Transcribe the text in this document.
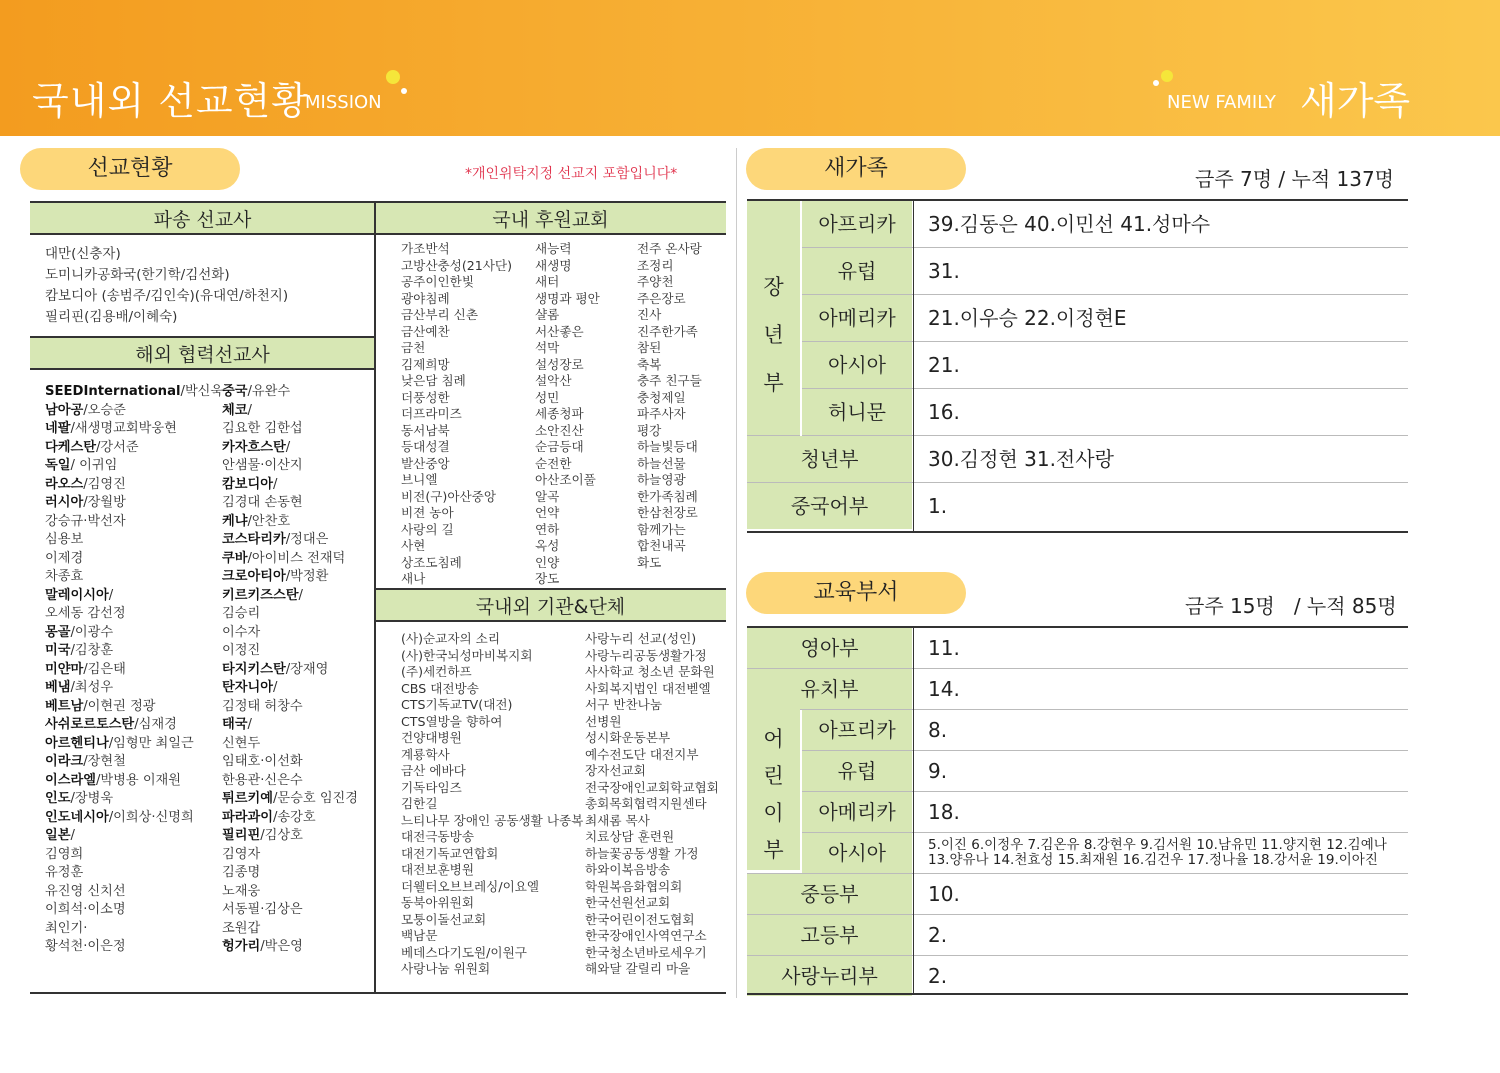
국내외 선교현황
MISSION	NEW FAMILY 새가족
선교현황	*개인위탁지정 선교지 포함입니다*
파송 선교사	국내 후원교회
대만(신충자)
도미니카공화국(한기학/김선화)
캄보디아 (송범주/김인숙)(유대연/하천지)
필리핀(김용배/이혜숙)
해외 협력선교사
SEEDInternational/박신욱
남아공/오승준
네팔/새생명교회박웅현
다케스탄/강서준
독일/ 이귀임
라오스/김영진
러시아/장월방
강승규·박선자
심용보
이제경
차종효
말레이시아/
오세동 감선정
몽골/이광수
미국/김창훈
미얀마/김은태
베냄/최성우
베트남/이현권 정광
사쉬로르토스탄/심재경
아르헨티나/임형만 최일근
이라크/장현철
이스라엘/박병용 이재원
인도/장병욱
인도네시아/이희상·신명희
일본/
김영희
유정훈
유진영 신치선
이희석·이소명
최인기·
황석천·이은정
중국/유완수
체코/
김요한 김한섭
카자흐스탄/
안샘물·이산지
캄보디아/
김경대 손동현
케냐/안찬호
코스타리카/정대은
쿠바/아이비스 전재덕
크로아티아/박정환
키르키즈스탄/
김승리
이수자
이정진
타지키스탄/장재영
탄자니아/
김정태 허창수
태국/
신현두
임태호·이선화
한용관·신은수
튀르키예/문승호 임진경
파라과이/송강호
필리핀/김상호
김영자
김종명
노재웅
서동필·김상은
조원갑
헝가리/박은영
가조반석
고방산충성(21사단)
공주이인한빛
광야침례
금산부리 신촌
금산예찬
금천
김제희망
낮은담 침례
더풍성한
더프라미즈
동서남북
등대성결
발산중앙
브니엘
비전(구)아산중앙
비젼 농아
사랑의 길
사현
상조도침례
새나
새능력
새생명
새터
생명과 평안
샬롬
서산좋은
석막
설성장로
설악산
성민
세종청파
소안진산
순금등대
순전한
아산조이풀
알곡
언약
연하
옥성
인양
장도
전주 온사랑
조정리
주양천
주은장로
진사
진주한가족
참된
축복
충주 친구들
충청제일
파주사자
평강
하늘빛등대
하늘선물
하늘영광
한가족침례
한삼천장로
함께가는
합천내곡
화도
국내외 기관&단체
(사)순교자의 소리
(사)한국뇌성마비복지회
(주)세컨하프
CBS 대전방송
CTS기독교TV(대전)
CTS열방을 향하여
건양대병원
계룡학사
금산 에바다
기독타임즈
김한길
느티나무 장애인 공동생활 나종복
대전극동방송
대전기독교연합회
대전보훈병원
더웰터오브브레싱/이요엘
동북아위원회
모퉁이돌선교회
백남문
베데스다기도원/이원구
사랑나눔 위원회
사랑누리 선교(성인)
사랑누리공동생활가정
사사학교 청소년 문화원
사회복지법인 대전벧엘
서구 반찬나눔
선병원
성시화운동본부
예수전도단 대전지부
장자선교회
전국장애인교회학교협회
총회목회협력지원센타
최새롬 목사
치료상담 훈련원
하늘꽃공동생활 가정
하와이복음방송
학원복음화협의회
한국선원선교회
한국어린이전도협회
한국장애인사역연구소
한국청소년바로세우기
해와달 갈릴리 마을
새가족	금주 7명 / 누적 137명
장
년
부
아프리카	39.김동은 40.이민선 41.성마수
유럽	31.
아메리카	21.이우승 22.이정현E
아시아	21.
허니문	16.
청년부	30.김정현 31.전사랑
중국어부	1.
교육부서
금주 15명   / 누적 85명
영아부	11.
유치부	14.
어
린
이
부
아프리카	8.
유럽	9.
아메리카	18.
아시아	5.이진 6.이정우 7.김온유 8.강현우 9.김서원 10.남유민 11.양지현 12.김예나
13.양유나 14.천효성 15.최재원 16.김건우 17.정나율 18.강서윤 19.이아진
중등부	10.
고등부	2.
사랑누리부	2.
